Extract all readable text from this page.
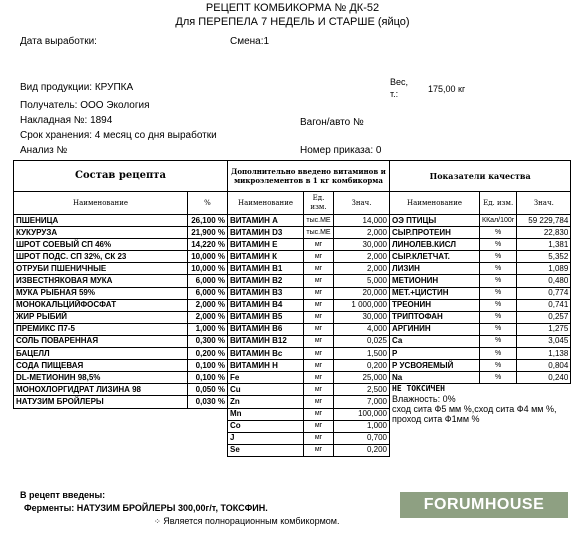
РЕЦЕПТ КОМБИКОРМА № ДК-52
Для ПЕРЕПЕЛА 7 НЕДЕЛЬ И СТАРШЕ (яйцо)
Дата выработки:	Смена:1
Вид продукции: КРУПКА	Вес, т.:	175,00 кг
Получатель: ООО Экология
Накладная №: 1894	Вагон/авто №
Срок хранения: 4 месяц со дня выработки
Анализ №	Номер приказа: 0
Состав рецепта		Дополнительно введено витаминов и микроэлементов в 1 кг комбикорма			Показатели качества		
Наименование	%	Наименование	Ед. изм.	Знач.	Наименование	Ед. изм.	Знач.
ПШЕНИЦА	26,100 %	ВИТАМИН А	тыс.МЕ	14,000	ОЭ ПТИЦЫ	ККал/100г	59 229,784
КУКУРУЗА	21,900 %	ВИТАМИН D3	тыс.МЕ	2,000	СЫР.ПРОТЕИН	%	22,830
ШРОТ СОЕВЫЙ СП 46%	14,220 %	ВИТАМИН Е	мг	30,000	ЛИНОЛЕВ.КИСЛ	%	1,381
ШРОТ ПОДС. СП 32%, СК 23	10,000 %	ВИТАМИН К	мг	2,000	СЫР.КЛЕТЧАТ.	%	5,352
ОТРУБИ ПШЕНИЧНЫЕ	10,000 %	ВИТАМИН В1	мг	2,000	ЛИЗИН	%	1,089
ИЗВЕСТНЯКОВАЯ МУКА	6,000 %	ВИТАМИН В2	мг	5,000	МЕТИОНИН	%	0,480
МУКА РЫБНАЯ 59%	6,000 %	ВИТАМИН В3	мг	20,000	МЕТ.+ЦИСТИН	%	0,774
МОНОКАЛЬЦИЙФОСФАТ	2,000 %	ВИТАМИН В4	мг	1 000,000	ТРЕОНИН	%	0,741
ЖИР РЫБИЙ	2,000 %	ВИТАМИН В5	мг	30,000	ТРИПТОФАН	%	0,257
ПРЕМИКС П7-5	1,000 %	ВИТАМИН В6	мг	4,000	АРГИНИН	%	1,275
СОЛЬ ПОВАРЕННАЯ	0,300 %	ВИТАМИН В12	мг	0,025	Са	%	3,045
БАЦЕЛЛ	0,200 %	ВИТАМИН Вс	мг	1,500	Р	%	1,138
СОДА ПИЩЕВАЯ	0,100 %	ВИТАМИН Н	мг	0,200	Р УСВОЯЕМЫЙ	%	0,804
DL-МЕТИОНИН 98,5%	0,100 %	Fe	мг	25,000	Na	%	0,240
МОНОХЛОРГИДРАТ ЛИЗИНА 98	0,050 %	Cu	мг	2,500	НЕ ТОКСИЧЕН
Влажность: 0%
сход сита Ф5 мм %,сход сита Ф4 мм %, проход сита Ф1мм %		

НАТУЗИМ БРОЙЛЕРЫ	0,030 %	Zn	мг	7,000			
		Mn	мг	100,000			
		Co	мг	1,000			
		J	мг	0,700			
		Se	мг	0,200			
В рецепт введены:
Ферменты: НАТУЗИМ БРОЙЛЕРЫ 300,00г/т, ТОКСФИН.
⁘ Является полнорационным комбикормом.
FORUMHOUSE
